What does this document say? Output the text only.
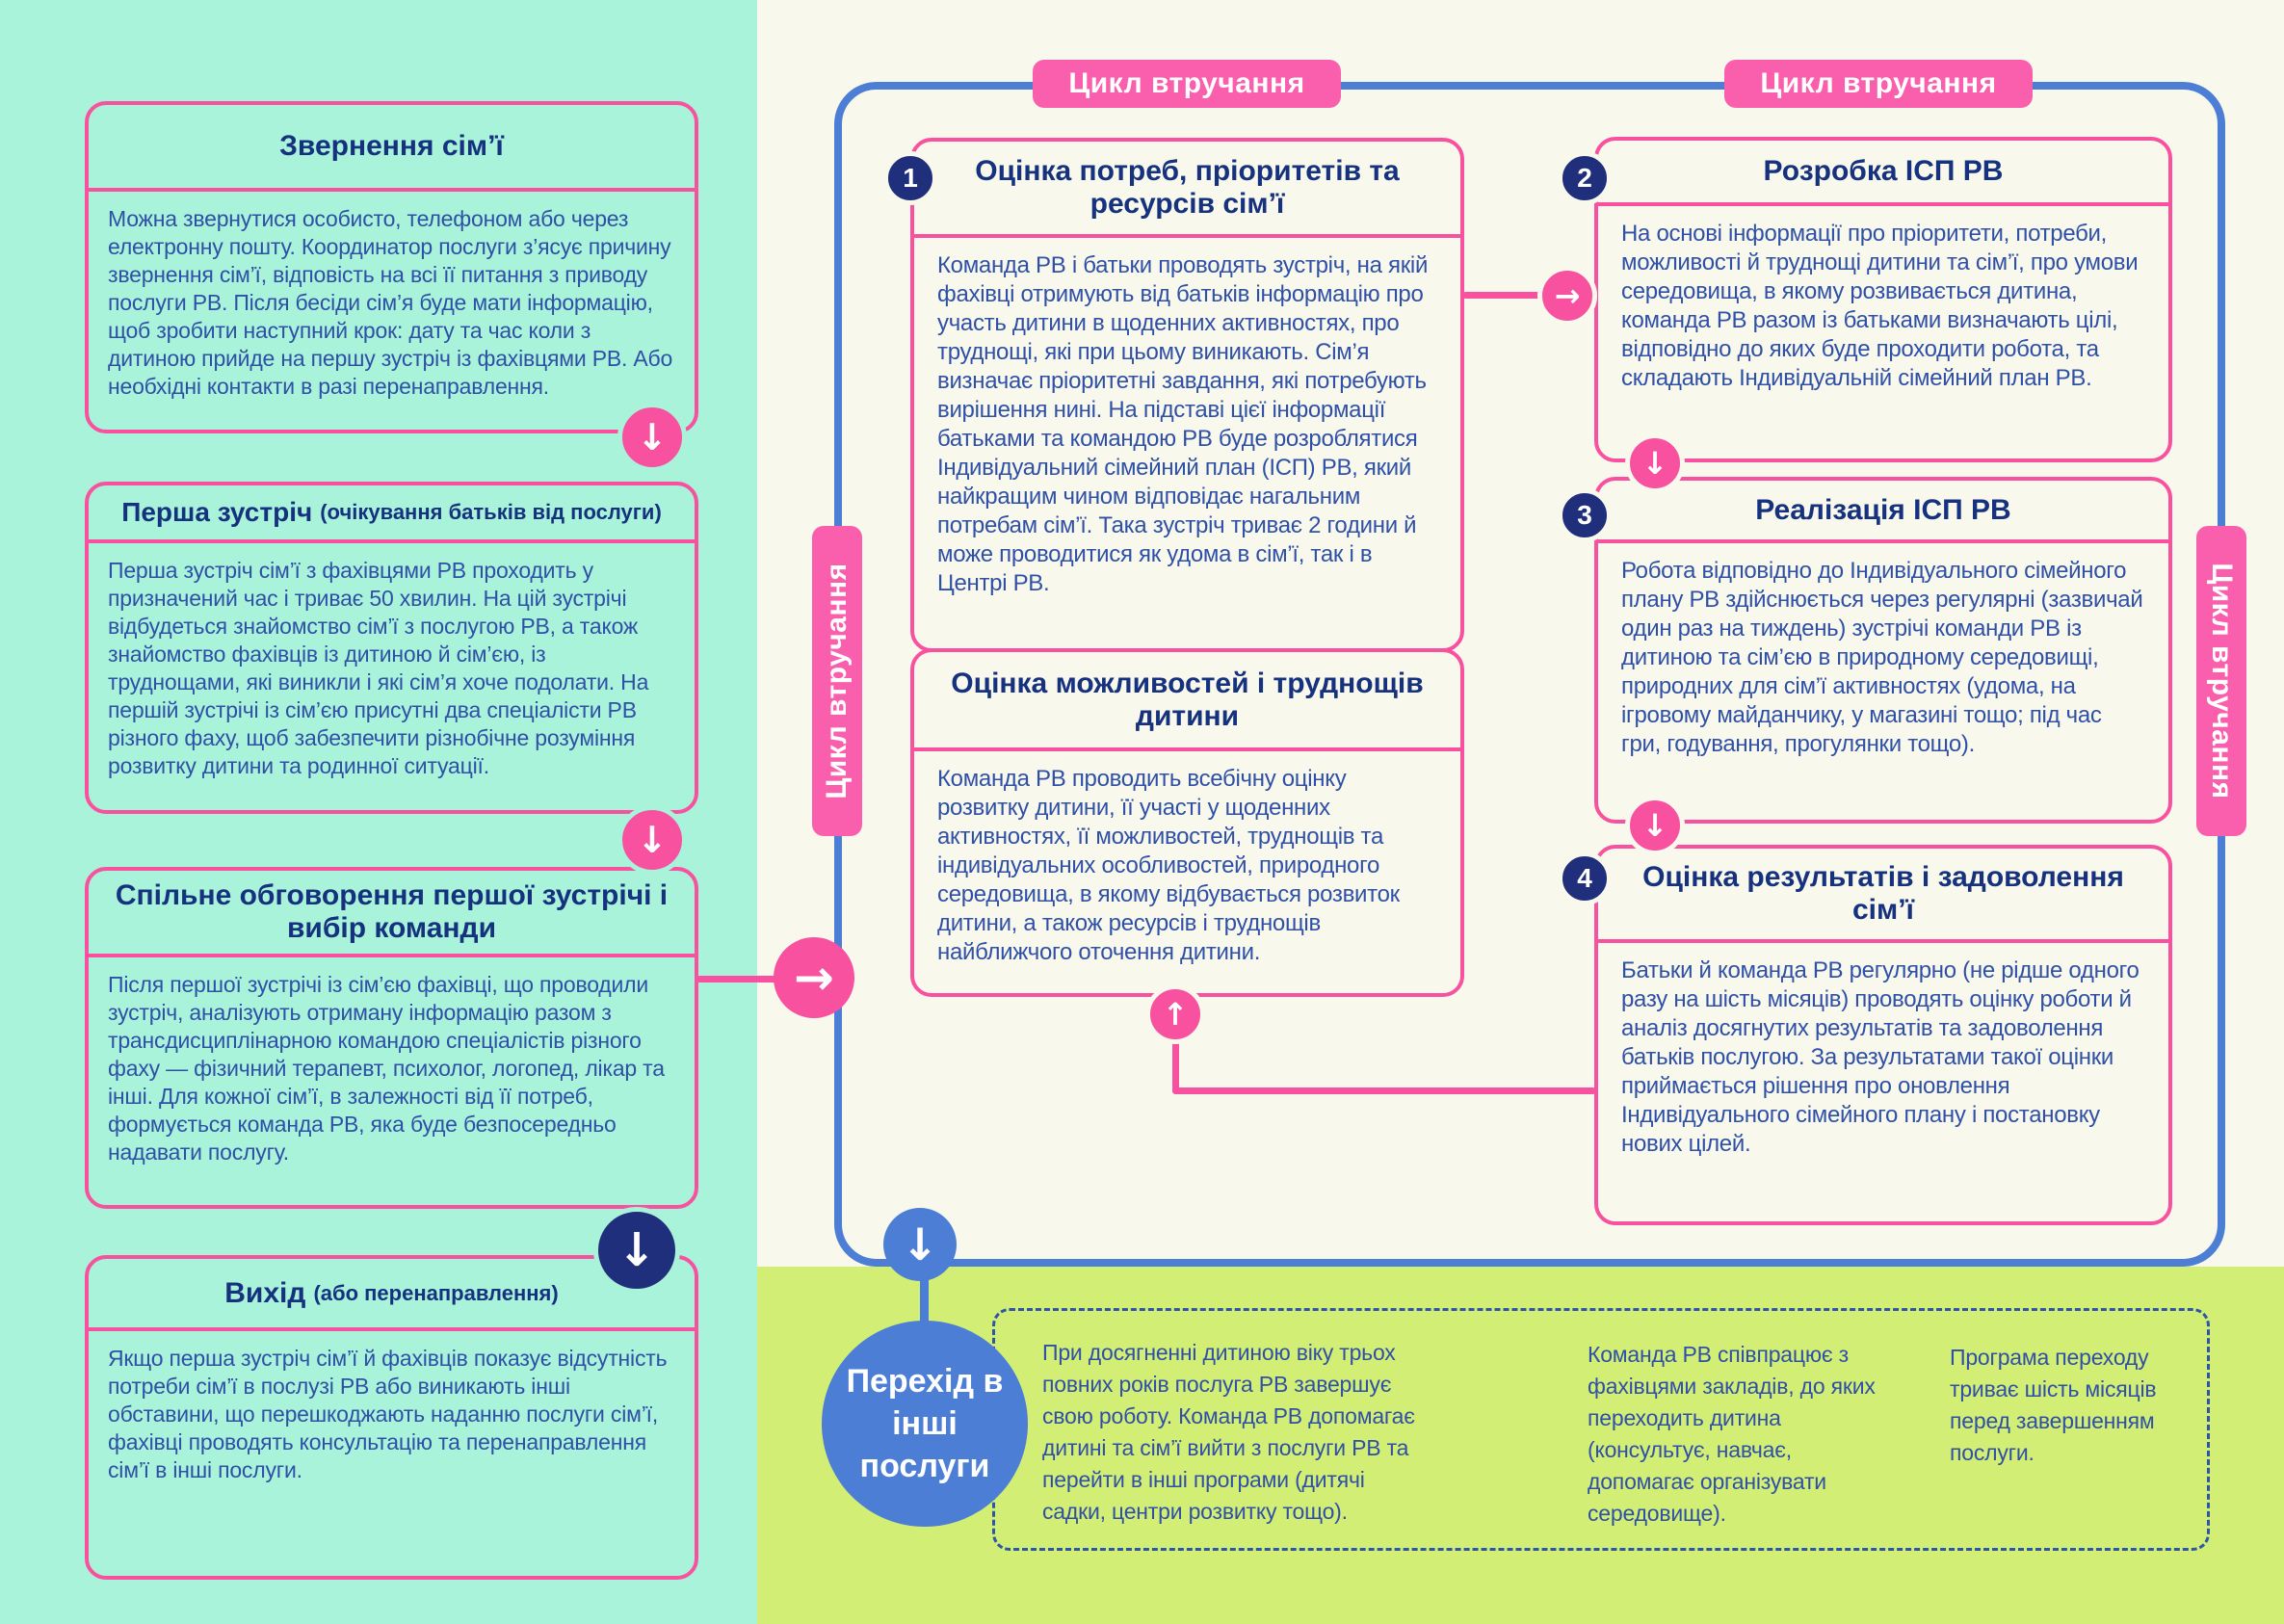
При досягненні дитиною віку трьох повних років послуга РВ завершує свою роботу. Команда РВ допомагає дитині та сім’ї вийти з послуги РВ та перейти в інші програми (дитячі садки, центри розвитку тощо).
Команда РВ співпрацює з фахівцями закладів, до яких переходить дитина (консультує, навчає, допомагає організувати середовище).
Програма переходу триває шість місяців перед завершенням послуги.
Звернення сім’ї
Можна звернутися особисто, телефоном або через електронну пошту. Координатор послуги з’ясує причину звернення сім’ї, відповість на всі її питання з приводу послуги РВ. Після бесіди сім’я буде мати інформацію, щоб зробити наступний крок: дату та час коли з дитиною прийде на першу зустріч із фахівцями РВ. Або необхідні контакти в разі перенаправлення.
Перша зустріч (очікування батьків від послуги)
Перша зустріч сім’ї з фахівцями РВ проходить у призначений час і триває 50 хвилин. На цій зустрічі відбудеться знайомство сім’ї з послугою РВ, а також знайомство фахівців із дитиною й сім’єю, із труднощами, які виникли і які сім’я хоче подолати. На першій зустрічі із сім’єю присутні два спеціалісти РВ різного фаху, щоб забезпечити різнобічне розуміння розвитку дитини та родинної ситуації.
Спільне обговорення першої зустрічі і вибір команди
Після першої зустрічі із сім’єю фахівці, що проводили зустріч, аналізують отриману інформацію разом з трансдисциплінарною командою спеціалістів різного фаху — фізичний терапевт, психолог, логопед, лікар та інші. Для кожної сім’ї, в залежності від її потреб, формується команда РВ, яка буде безпосередньо надавати послугу.
Вихід (або перенаправлення)
Якщо перша зустріч сім’ї й фахівців показує відсутність потреби сім’ї в послузі РВ або виникають інші обставини, що перешкоджають наданню послуги сім’ї, фахівці проводять консультацію та перенаправлення сім’ї в інші послуги.
Оцінка потреб, пріоритетів та ресурсів сім’ї
Команда РВ і батьки проводять зустріч, на якій фахівці отримують від батьків інформацію про участь дитини в щоденних активностях, про труднощі, які при цьому виникають. Сім’я визначає пріоритетні завдання, які потребують вирішення нині. На підставі цієї інформації батьками та командою РВ буде розроблятися Індивідуальний сімейний план (ІСП) РВ, який найкращим чином відповідає нагальним потребам сім’ї. Така зустріч триває 2 години й може проводитися як удома в сім’ї, так і в Центрі РВ.
Оцінка можливостей і труднощів дитини
Команда РВ проводить всебічну оцінку розвитку дитини, її участі у щоденних активностях, її можливостей, труднощів та індивідуальних особливостей, природного середовища, в якому відбувається розвиток дитини, а також ресурсів і труднощів найближчого оточення дитини.
Розробка ІСП РВ
На основі інформації про пріоритети, потреби, можливості й труднощі дитини та сім’ї, про умови середовища, в якому розвивається дитина, команда РВ разом із батьками визначають цілі, відповідно до яких буде проходити робота, та складають Індивідуальній сімейний план РВ.
Реалізація ІСП РВ
Робота відповідно до Індивідуального сімейного плану РВ здійснюється через регулярні (зазвичай один раз на тиждень) зустрічі команди РВ із дитиною та сім’єю в природному середовищі, природних для сім’ї активностях (удома, на ігровому майданчику, у магазині тощо; під час гри, годування, прогулянки тощо).
Оцінка результатів і задоволення сім’ї
Батьки й команда РВ регулярно (не рідше одного разу на шість місяців) проводять оцінку роботи й аналіз досягнутих результатів та задоволення батьків послугою. За результатами такої оцінки приймається рішення про оновлення Індивідуального сімейного плану і постановку нових цілей.
1	2
3
4
↓
↓
↓
→
→
↓
↓
↑
↓
Перехід в інші послуги
Цикл втручання	Цикл втручання
Цикл втручання	Цикл втручання
